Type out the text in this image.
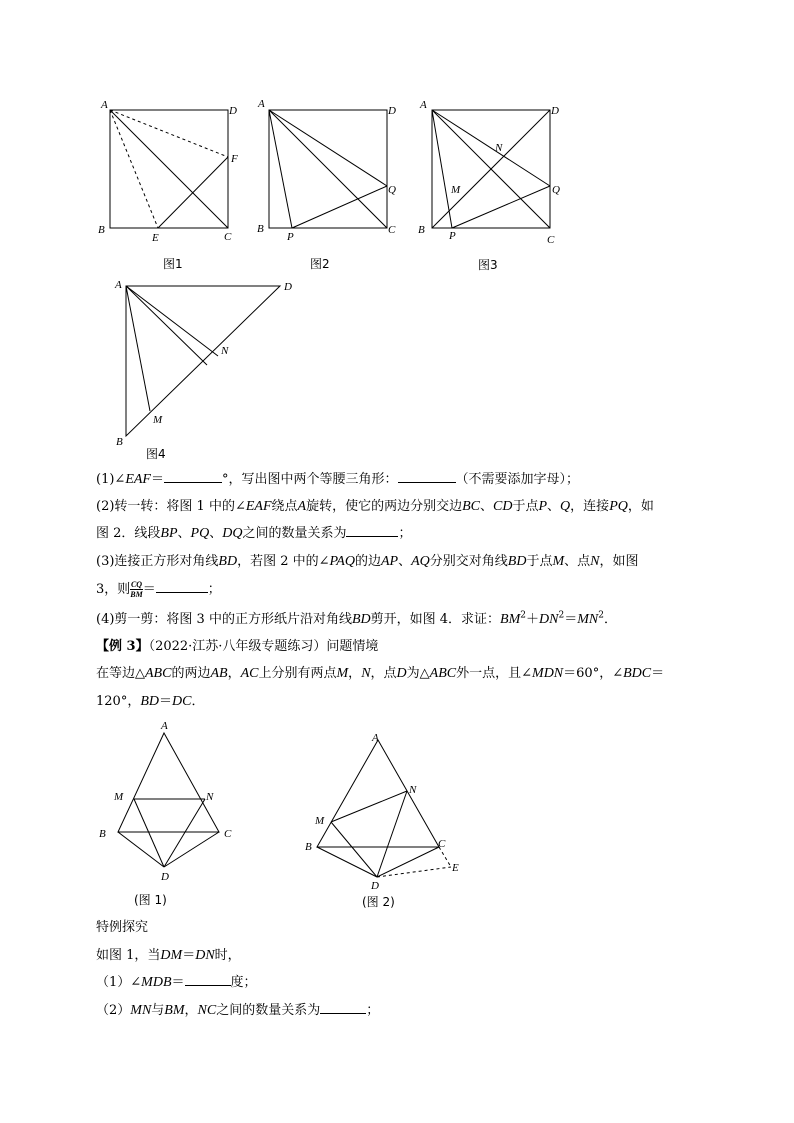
A	D
B
C
E
F
图1
A
D
B	C
P
Q
图2
A	D
B
C
P
Q
M
N
图3
A	D
B
M
N
图4
(1)∠EAF＝	°，写出图中两个等腰三角形：	（不需要添加字母）；
(2)转一转：将图 1 中的∠EAF绕点A旋转，使它的两边分别交边BC、CD于点P、Q，连接PQ，如
图 2．线段BP、PQ、DQ之间的数量关系为	；
(3)连接正方形对角线BD，若图 2 中的∠PAQ的边AP、AQ分别交对角线BD于点M、点N，如图
3，则 $\frac{CQ}{BM}$ ＝	；
(4)剪一剪：将图 3 中的正方形纸片沿对角线BD剪开，如图 4．求证：$BM^2+DN^2=MN^2$．
【例 3】（2022·江苏·八年级专题练习）问题情境
在等边△ABC的两边AB，AC上分别有两点M，N，点D为△ABC外一点，且∠MDN＝60°，∠BDC＝
120°，BD＝DC．
A
M	N
B	C
D
(图 1)
A
N
M
B	C
D
E
(图 2)
特例探究
如图 1，当DM＝DN时，
（1）∠MDB＝	度；
（2）MN与BM，NC之间的数量关系为	；
